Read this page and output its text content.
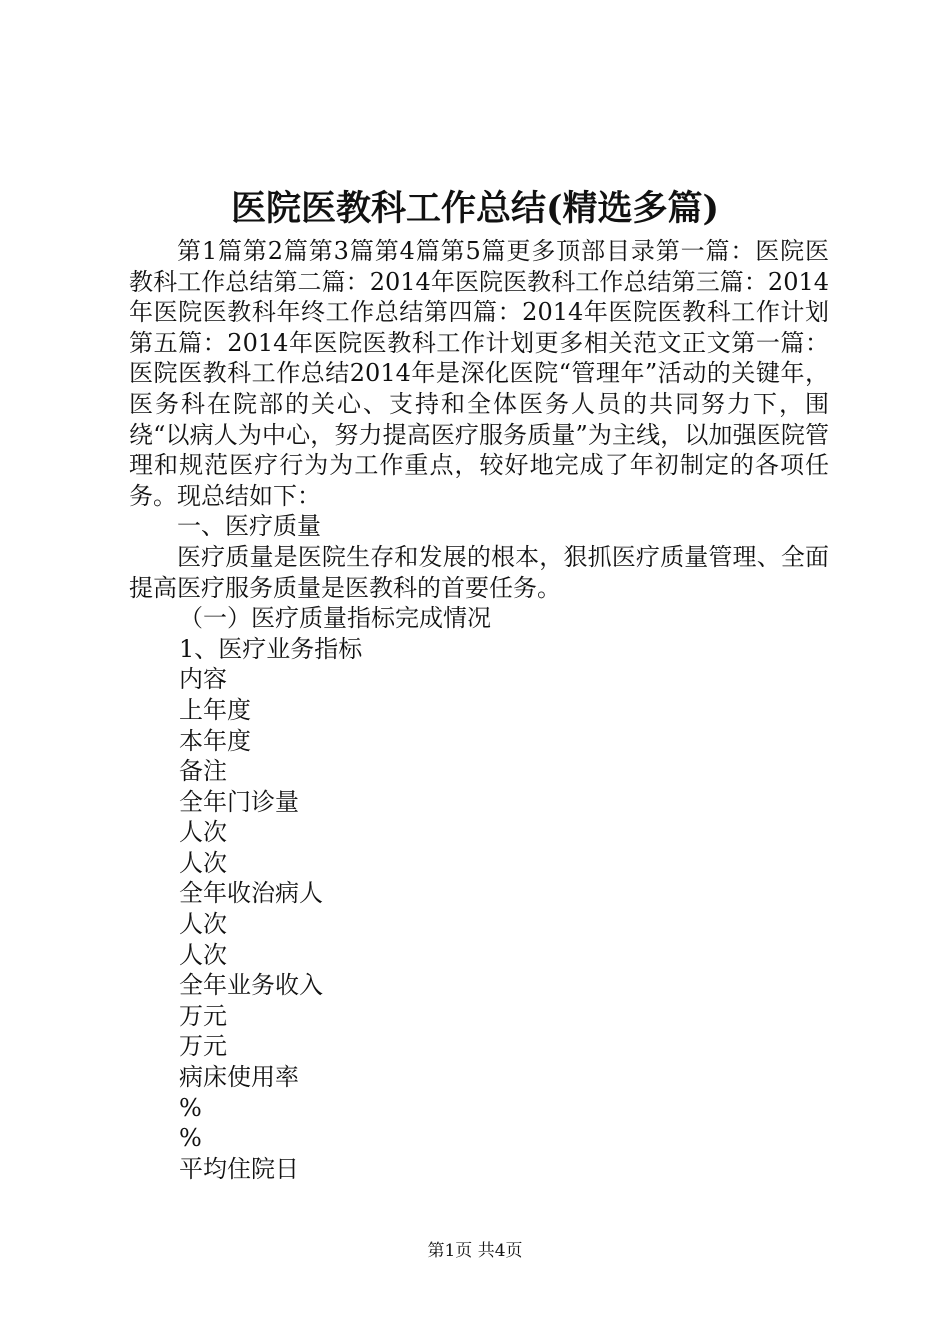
医院医教科工作总结(精选多篇)

第1篇第2篇第3篇第4篇第5篇更多顶部目录第一篇：医院医教科工作总结第二篇：2014年医院医教科工作总结第三篇：2014年医院医教科年终工作总结第四篇：2014年医院医教科工作计划第五篇：2014年医院医教科工作计划更多相关范文正文第一篇：医院医教科工作总结2014年是深化医院“管理年”活动的关键年，医务科在院部的关心、支持和全体医务人员的共同努力下，围绕“以病人为中心，努力提高医疗服务质量”为主线，以加强医院管理和规范医疗行为为工作重点，较好地完成了年初制定的各项任务。现总结如下：

一、医疗质量

医疗质量是医院生存和发展的根本，狠抓医疗质量管理、全面提高医疗服务质量是医教科的首要任务。

（一）医疗质量指标完成情况

1、医疗业务指标

内容

上年度

本年度

备注

全年门诊量

人次

人次

全年收治病人

人次

人次

全年业务收入

万元

万元

病床使用率

%

%

平均住院日

第1页 共4页
